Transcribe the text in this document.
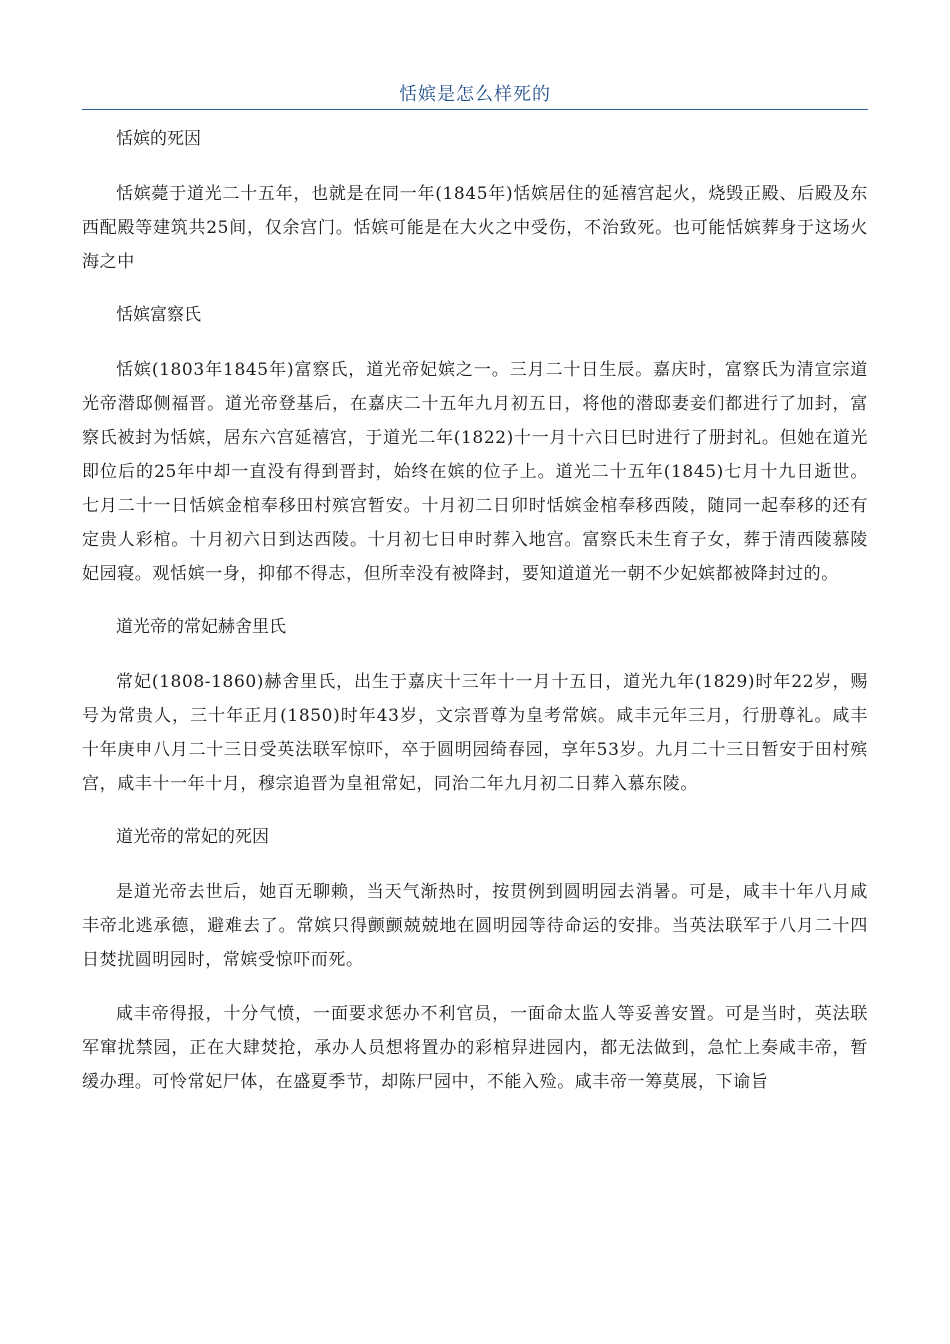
恬嫔是怎么样死的

恬嫔的死因

恬嫔薨于道光二十五年，也就是在同一年(1845年)恬嫔居住的延禧宫起火，烧毁正殿、后殿及东西配殿等建筑共25间，仅余宫门。恬嫔可能是在大火之中受伤，不治致死。也可能恬嫔葬身于这场火海之中

恬嫔富察氏

恬嫔(1803年1845年)富察氏，道光帝妃嫔之一。三月二十日生辰。嘉庆时，富察氏为清宣宗道光帝潜邸侧福晋。道光帝登基后，在嘉庆二十五年九月初五日，将他的潜邸妻妾们都进行了加封，富察氏被封为恬嫔，居东六宫延禧宫，于道光二年(1822)十一月十六日巳时进行了册封礼。但她在道光即位后的25年中却一直没有得到晋封，始终在嫔的位子上。道光二十五年(1845)七月十九日逝世。七月二十一日恬嫔金棺奉移田村殡宫暂安。十月初二日卯时恬嫔金棺奉移西陵，随同一起奉移的还有定贵人彩棺。十月初六日到达西陵。十月初七日申时葬入地宫。富察氏未生育子女，葬于清西陵慕陵妃园寝。观恬嫔一身，抑郁不得志，但所幸没有被降封，要知道道光一朝不少妃嫔都被降封过的。

道光帝的常妃赫舍里氏

常妃(1808-1860)赫舍里氏，出生于嘉庆十三年十一月十五日，道光九年(1829)时年22岁，赐号为常贵人，三十年正月(1850)时年43岁，文宗晋尊为皇考常嫔。咸丰元年三月，行册尊礼。咸丰十年庚申八月二十三日受英法联军惊吓，卒于圆明园绮春园，享年53岁。九月二十三日暂安于田村殡宫，咸丰十一年十月，穆宗追晋为皇祖常妃，同治二年九月初二日葬入慕东陵。

道光帝的常妃的死因

是道光帝去世后，她百无聊赖，当天气渐热时，按贯例到圆明园去消暑。可是，咸丰十年八月咸丰帝北逃承德，避难去了。常嫔只得颤颤兢兢地在圆明园等待命运的安排。当英法联军于八月二十四日焚扰圆明园时，常嫔受惊吓而死。

咸丰帝得报，十分气愤，一面要求惩办不利官员，一面命太监人等妥善安置。可是当时，英法联军窜扰禁园，正在大肆焚抢，承办人员想将置办的彩棺舁进园内，都无法做到，急忙上奏咸丰帝，暂缓办理。可怜常妃尸体，在盛夏季节，却陈尸园中，不能入殓。咸丰帝一筹莫展，下谕旨
